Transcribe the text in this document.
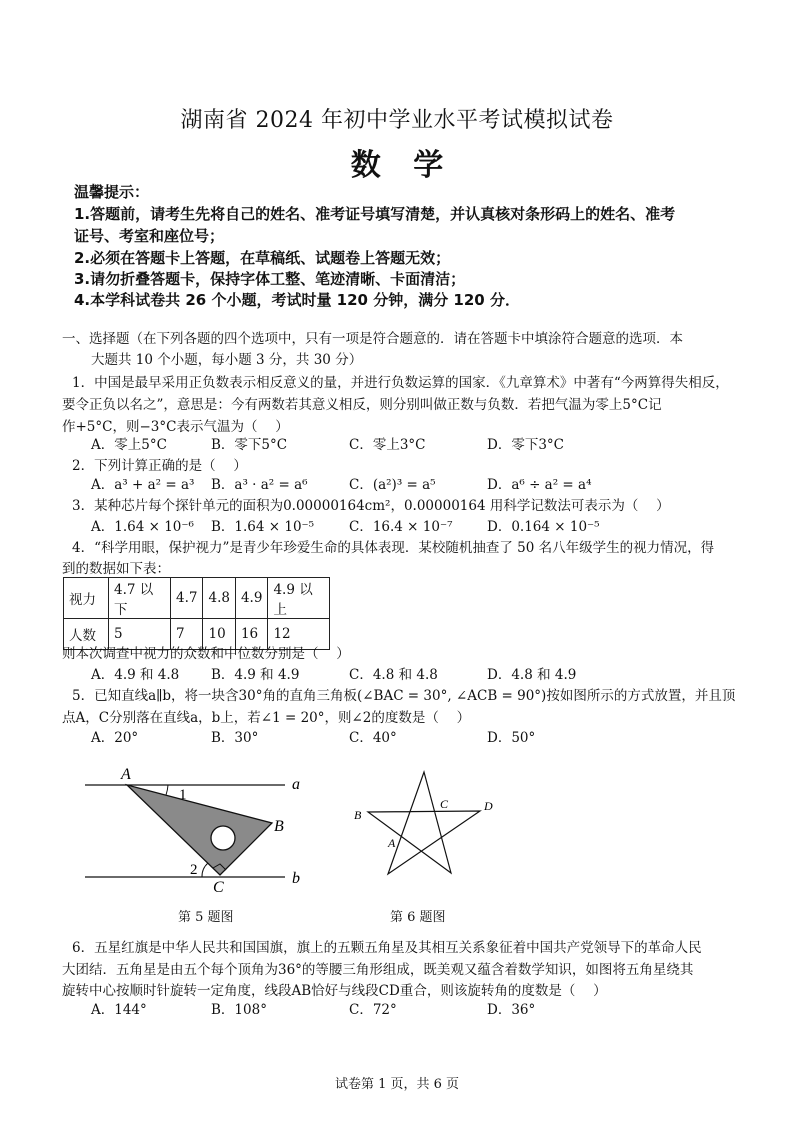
湖南省 2024 年初中学业水平考试模拟试卷
数 学
温馨提示：
1.答题前，请考生先将自己的姓名、准考证号填写清楚，并认真核对条形码上的姓名、准考
证号、考室和座位号；
2.必须在答题卡上答题，在草稿纸、试题卷上答题无效；
3.请勿折叠答题卡，保持字体工整、笔迹清晰、卡面清洁；
4.本学科试卷共 26 个小题，考试时量 120 分钟，满分 120 分．
一、选择题（在下列各题的四个选项中，只有一项是符合题意的．请在答题卡中填涂符合题意的选项．本
大题共 10 个小题，每小题 3 分，共 30 分）
1．中国是最早采用正负数表示相反意义的量，并进行负数运算的国家．《九章算术》中著有“今两算得失相反，
要令正负以名之”，意思是：今有两数若其意义相反，则分别叫做正数与负数．若把气温为零上5°C记
作+5°C，则−3°C表示气温为（　 ）
A．零上5°C	B．零下5°C	C．零上3°C	D．零下3°C
2．下列计算正确的是（　 ）
A．a³ + a² = a³ B．a³ · a² = a⁶	C．(a²)³ = a⁵	D．a⁶ ÷ a² = a⁴
3．某种芯片每个探针单元的面积为0.00000164cm²，0.00000164 用科学记数法可表示为（　 ）
A．1.64 × 10⁻⁶ B．1.64 × 10⁻⁵	C．16.4 × 10⁻⁷	D．0.164 × 10⁻⁵
4．“科学用眼，保护视力”是青少年珍爱生命的具体表现．某校随机抽查了 50 名八年级学生的视力情况，得
到的数据如下表：
视力	4.7 以下	4.7	4.8	4.9	4.9 以上
人数	5	7	10	16	12
则本次调查中视力的众数和中位数分别是（　 ）
A．4.9 和 4.8 B．4.9 和 4.9	C．4.8 和 4.8	D．4.8 和 4.9
5．已知直线a∥b，将一块含30°角的直角三角板(∠BAC = 30°, ∠ACB = 90°)按如图所示的方式放置，并且顶
点A，C分别落在直线a，b上，若∠1 = 20°，则∠2的度数是（　 ）
A．20°	B．30°	C．40°	D．50°
A
B
C
a
b
1
2
第 5 题图
B
C	D
A
第 6 题图
6．五星红旗是中华人民共和国国旗，旗上的五颗五角星及其相互关系象征着中国共产党领导下的革命人民
大团结．五角星是由五个每个顶角为36°的等腰三角形组成，既美观又蕴含着数学知识，如图将五角星绕其
旋转中心按顺时针旋转一定角度，线段AB恰好与线段CD重合，则该旋转角的度数是（　 ）
A．144°	B．108°	C．72°	D．36°
试卷第 1 页，共 6 页
